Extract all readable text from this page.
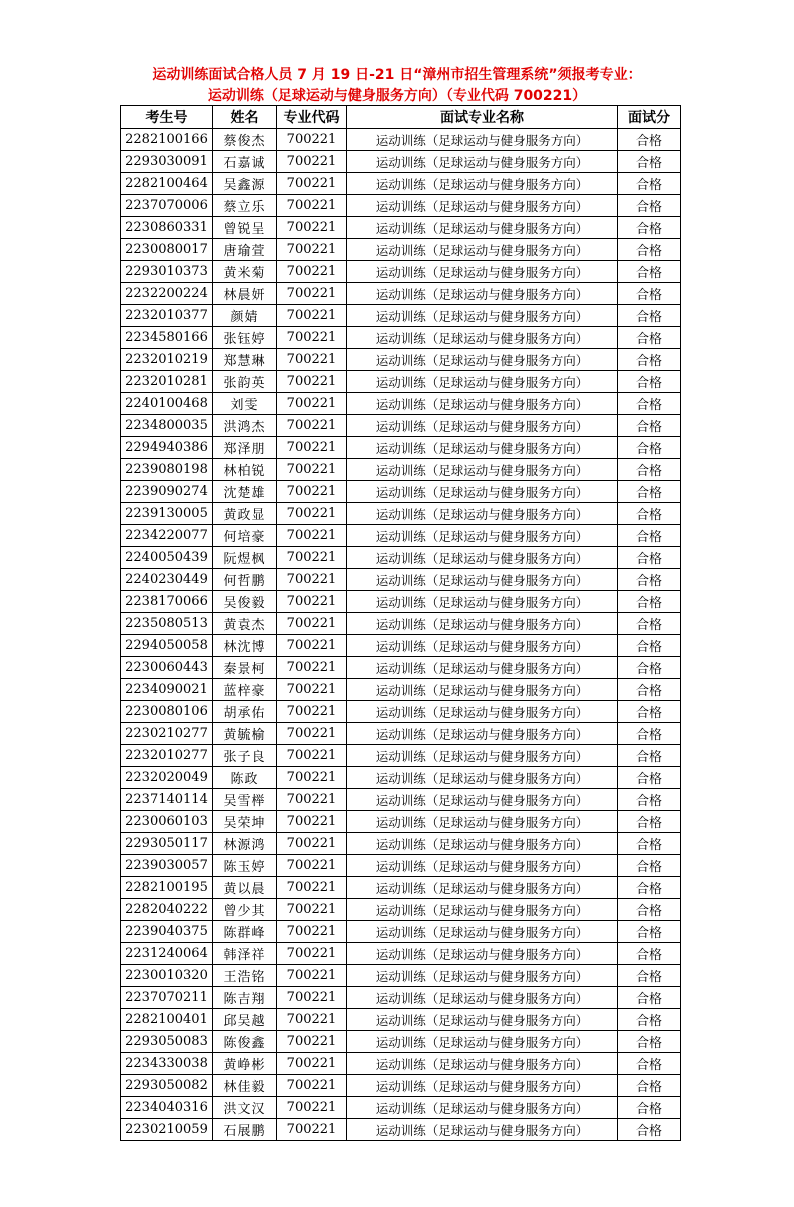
运动训练面试合格人员 7 月 19 日-21 日“漳州市招生管理系统”须报考专业：
运动训练（足球运动与健身服务方向）（专业代码 700221）
考生号	姓名	专业代码	面试专业名称	面试分
2282100166	蔡俊杰	700221	运动训练（足球运动与健身服务方向）	合格
2293030091	石嘉诚	700221	运动训练（足球运动与健身服务方向）	合格
2282100464	吴鑫源	700221	运动训练（足球运动与健身服务方向）	合格
2237070006	蔡立乐	700221	运动训练（足球运动与健身服务方向）	合格
2230860331	曾锐呈	700221	运动训练（足球运动与健身服务方向）	合格
2230080017	唐瑜萱	700221	运动训练（足球运动与健身服务方向）	合格
2293010373	黄米菊	700221	运动训练（足球运动与健身服务方向）	合格
2232200224	林晨妍	700221	运动训练（足球运动与健身服务方向）	合格
2232010377	颜婧	700221	运动训练（足球运动与健身服务方向）	合格
2234580166	张钰婷	700221	运动训练（足球运动与健身服务方向）	合格
2232010219	郑慧琳	700221	运动训练（足球运动与健身服务方向）	合格
2232010281	张韵英	700221	运动训练（足球运动与健身服务方向）	合格
2240100468	刘雯	700221	运动训练（足球运动与健身服务方向）	合格
2234800035	洪鸿杰	700221	运动训练（足球运动与健身服务方向）	合格
2294940386	郑泽朋	700221	运动训练（足球运动与健身服务方向）	合格
2239080198	林柏锐	700221	运动训练（足球运动与健身服务方向）	合格
2239090274	沈楚雄	700221	运动训练（足球运动与健身服务方向）	合格
2239130005	黄政显	700221	运动训练（足球运动与健身服务方向）	合格
2234220077	何培豪	700221	运动训练（足球运动与健身服务方向）	合格
2240050439	阮煜枫	700221	运动训练（足球运动与健身服务方向）	合格
2240230449	何哲鹏	700221	运动训练（足球运动与健身服务方向）	合格
2238170066	吴俊毅	700221	运动训练（足球运动与健身服务方向）	合格
2235080513	黄袁杰	700221	运动训练（足球运动与健身服务方向）	合格
2294050058	林沈博	700221	运动训练（足球运动与健身服务方向）	合格
2230060443	秦景柯	700221	运动训练（足球运动与健身服务方向）	合格
2234090021	蓝梓豪	700221	运动训练（足球运动与健身服务方向）	合格
2230080106	胡承佑	700221	运动训练（足球运动与健身服务方向）	合格
2230210277	黄毓榆	700221	运动训练（足球运动与健身服务方向）	合格
2232010277	张子良	700221	运动训练（足球运动与健身服务方向）	合格
2232020049	陈政	700221	运动训练（足球运动与健身服务方向）	合格
2237140114	吴雪榉	700221	运动训练（足球运动与健身服务方向）	合格
2230060103	吴荣坤	700221	运动训练（足球运动与健身服务方向）	合格
2293050117	林源鸿	700221	运动训练（足球运动与健身服务方向）	合格
2239030057	陈玉婷	700221	运动训练（足球运动与健身服务方向）	合格
2282100195	黄以晨	700221	运动训练（足球运动与健身服务方向）	合格
2282040222	曾少其	700221	运动训练（足球运动与健身服务方向）	合格
2239040375	陈群峰	700221	运动训练（足球运动与健身服务方向）	合格
2231240064	韩泽祥	700221	运动训练（足球运动与健身服务方向）	合格
2230010320	王浩铭	700221	运动训练（足球运动与健身服务方向）	合格
2237070211	陈吉翔	700221	运动训练（足球运动与健身服务方向）	合格
2282100401	邱吴越	700221	运动训练（足球运动与健身服务方向）	合格
2293050083	陈俊鑫	700221	运动训练（足球运动与健身服务方向）	合格
2234330038	黄峥彬	700221	运动训练（足球运动与健身服务方向）	合格
2293050082	林佳毅	700221	运动训练（足球运动与健身服务方向）	合格
2234040316	洪文汉	700221	运动训练（足球运动与健身服务方向）	合格
2230210059	石展鹏	700221	运动训练（足球运动与健身服务方向）	合格
